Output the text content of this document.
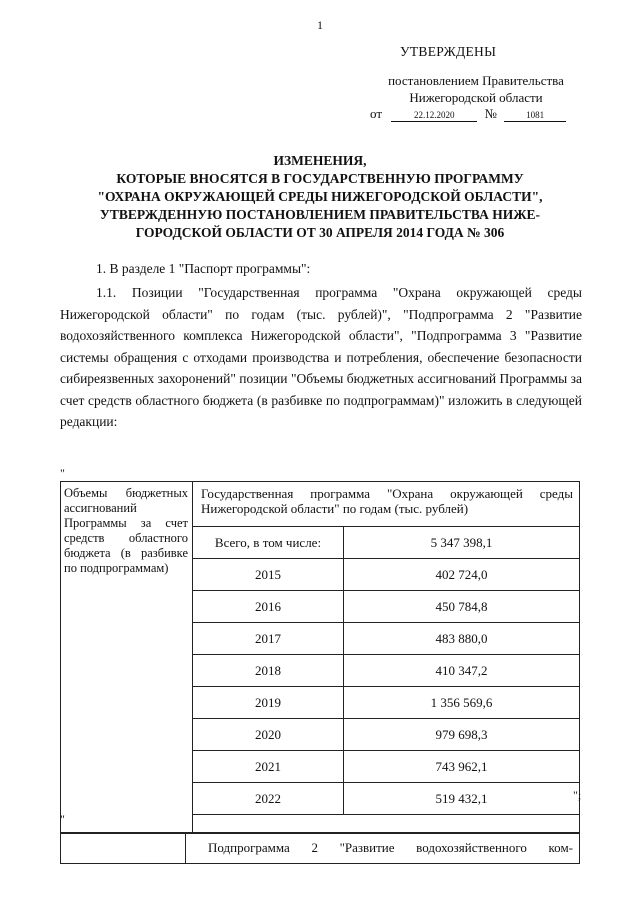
1
УТВЕРЖДЕНЫ
постановлением Правительства
Нижегородской области
от	22.12.2020 №	1081
ИЗМЕНЕНИЯ,
КОТОРЫЕ ВНОСЯТСЯ В ГОСУДАРСТВЕННУЮ ПРОГРАММУ
"ОХРАНА ОКРУЖАЮЩЕЙ СРЕДЫ НИЖЕГОРОДСКОЙ ОБЛАСТИ",
УТВЕРЖДЕННУЮ ПОСТАНОВЛЕНИЕМ ПРАВИТЕЛЬСТВА НИЖЕ-
ГОРОДСКОЙ ОБЛАСТИ ОТ 30 АПРЕЛЯ 2014 ГОДА № 306
1. В разделе 1 "Паспорт программы":
1.1. Позиции "Государственная программа "Охрана окружающей среды Нижегородской области" по годам (тыс. рублей)", "Подпрограмма 2 "Развитие водохозяйственного комплекса Нижегородской области", "Подпрограмма 3 "Развитие системы обращения с отходами производства и потребления, обеспечение безопасности сибиреязвенных захоронений" позиции "Объемы бюджетных ассигнований Программы за счет средств областного бюджета (в разбивке по подпрограммам)" изложить в следующей редакции:
"
Объемы бюджетных ассигнований Программы за счет средств областного бюджета (в разбивке по подпрограммам)	Государственная программа "Охрана окружающей среды Нижегородской области" по годам (тыс. рублей)	
	Всего, в том числе:	5 347 398,1
	2015	402 724,0
	2016	450 784,8
	2017	483 880,0
	2018	410 347,2
	2019	1 356 569,6
	2020	979 698,3
	2021	743 962,1
	2022	519 432,1	";
"
	Подпрограмма 2 "Развитие водохозяйственного ком-
